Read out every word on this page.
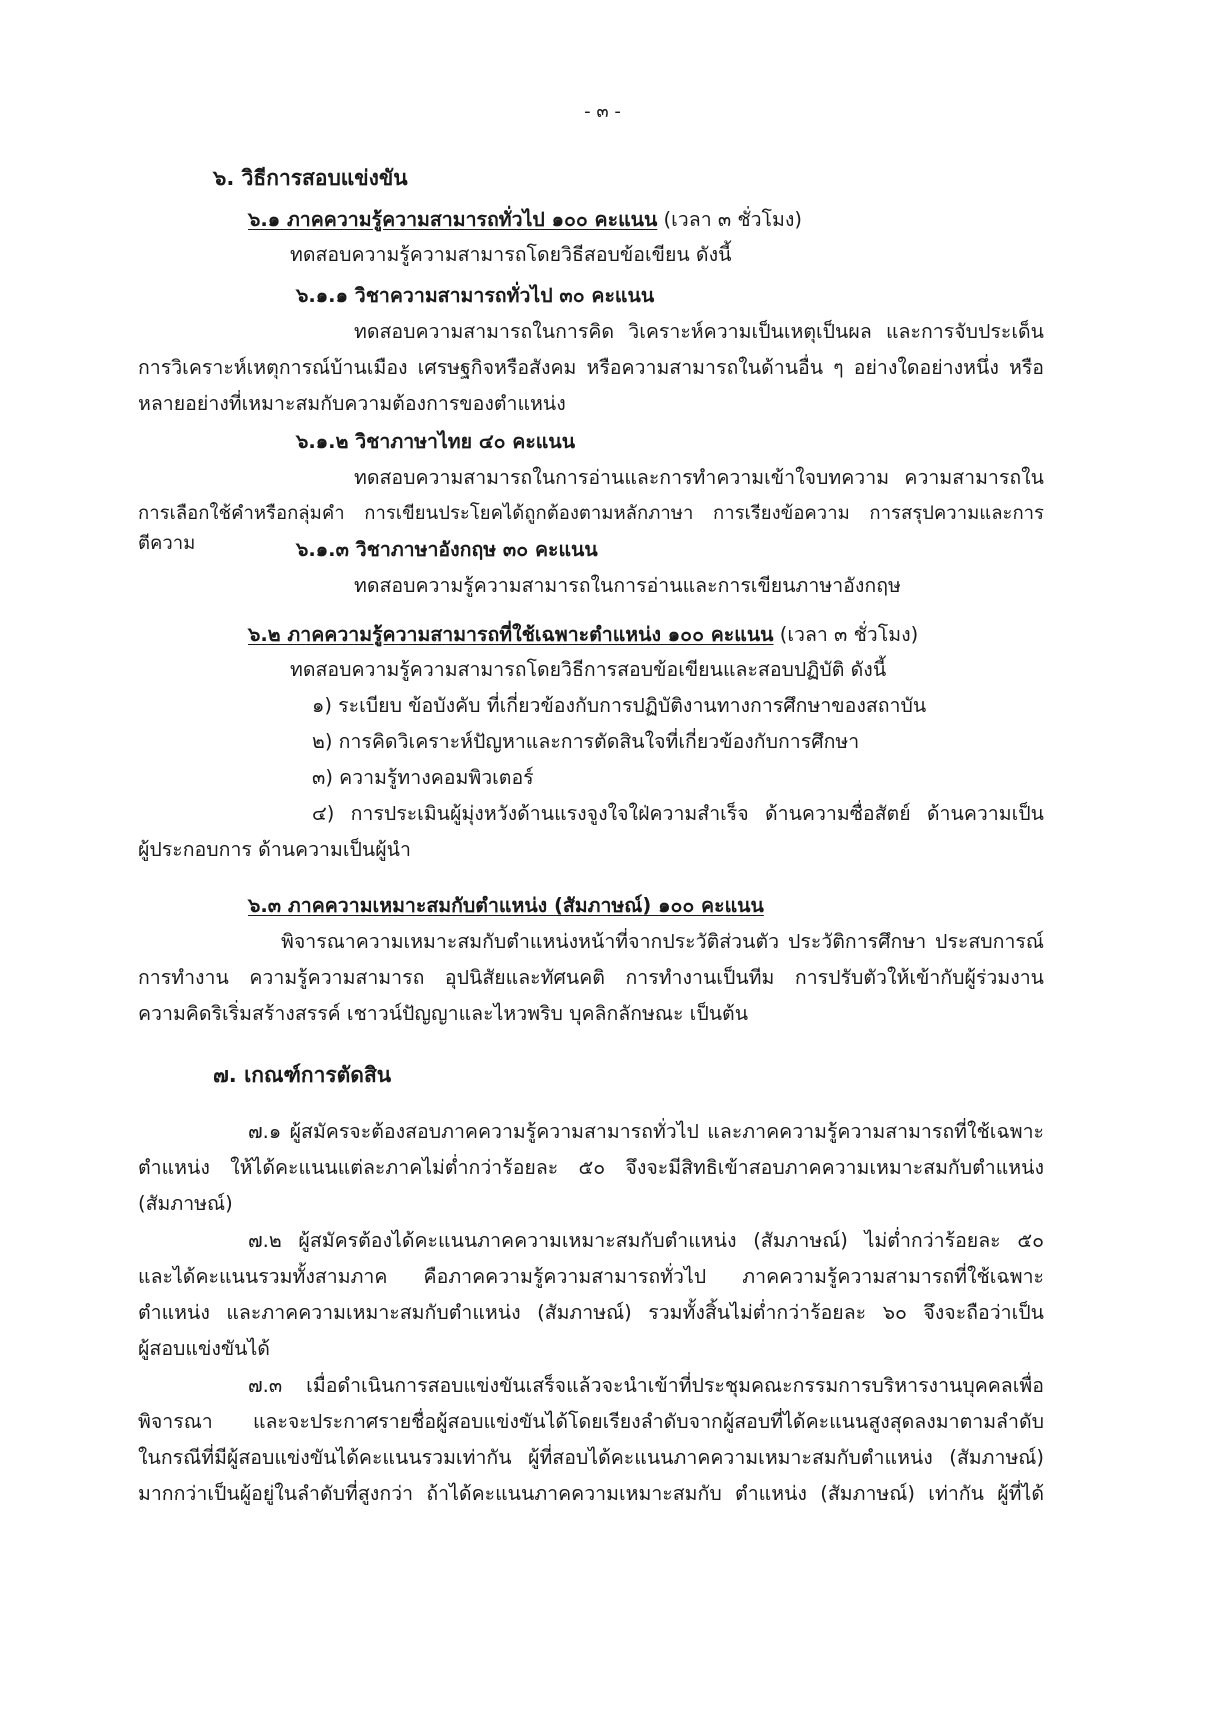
- ๓ -
๖. วิธีการสอบแข่งขัน
๖.๑ ภาคความรู้ความสามารถทั่วไป ๑๐๐ คะแนน (เวลา ๓ ชั่วโมง)
ทดสอบความรู้ความสามารถโดยวิธีสอบข้อเขียน ดังนี้
๖.๑.๑ วิชาความสามารถทั่วไป ๓๐ คะแนน
ทดสอบความสามารถในการคิด วิเคราะห์ความเป็นเหตุเป็นผล และการจับประเด็น
การวิเคราะห์เหตุการณ์บ้านเมือง เศรษฐกิจหรือสังคม หรือความสามารถในด้านอื่น ๆ อย่างใดอย่างหนึ่ง หรือ
หลายอย่างที่เหมาะสมกับความต้องการของตำแหน่ง
๖.๑.๒ วิชาภาษาไทย ๔๐ คะแนน
ทดสอบความสามารถในการอ่านและการทำความเข้าใจบทความ ความสามารถใน
การเลือกใช้คำหรือกลุ่มคำ การเขียนประโยคได้ถูกต้องตามหลักภาษา การเรียงข้อความ การสรุปความและการตีความ	๖.๑.๓ วิชาภาษาอังกฤษ ๓๐ คะแนน
ทดสอบความรู้ความสามารถในการอ่านและการเขียนภาษาอังกฤษ
๖.๒ ภาคความรู้ความสามารถที่ใช้เฉพาะตำแหน่ง ๑๐๐ คะแนน (เวลา ๓ ชั่วโมง)
ทดสอบความรู้ความสามารถโดยวิธีการสอบข้อเขียนและสอบปฏิบัติ ดังนี้
๑) ระเบียบ ข้อบังคับ ที่เกี่ยวข้องกับการปฏิบัติงานทางการศึกษาของสถาบัน
๒) การคิดวิเคราะห์ปัญหาและการตัดสินใจที่เกี่ยวข้องกับการศึกษา
๓) ความรู้ทางคอมพิวเตอร์
๔) การประเมินผู้มุ่งหวังด้านแรงจูงใจใฝ่ความสำเร็จ ด้านความซื่อสัตย์ ด้านความเป็น
ผู้ประกอบการ ด้านความเป็นผู้นำ
๖.๓ ภาคความเหมาะสมกับตำแหน่ง (สัมภาษณ์) ๑๐๐ คะแนน
พิจารณาความเหมาะสมกับตำแหน่งหน้าที่จากประวัติส่วนตัว ประวัติการศึกษา ประสบการณ์
การทำงาน ความรู้ความสามารถ อุปนิสัยและทัศนคติ การทำงานเป็นทีม การปรับตัวให้เข้ากับผู้ร่วมงาน
ความคิดริเริ่มสร้างสรรค์ เชาวน์ปัญญาและไหวพริบ บุคลิกลักษณะ เป็นต้น
๗. เกณฑ์การตัดสิน
๗.๑ ผู้สมัครจะต้องสอบภาคความรู้ความสามารถทั่วไป และภาคความรู้ความสามารถที่ใช้เฉพาะ
ตำแหน่ง ให้ได้คะแนนแต่ละภาคไม่ต่ำกว่าร้อยละ ๕๐ จึงจะมีสิทธิเข้าสอบภาคความเหมาะสมกับตำแหน่ง
(สัมภาษณ์)
๗.๒ ผู้สมัครต้องได้คะแนนภาคความเหมาะสมกับตำแหน่ง (สัมภาษณ์) ไม่ต่ำกว่าร้อยละ ๕๐
และได้คะแนนรวมทั้งสามภาค คือภาคความรู้ความสามารถทั่วไป ภาคความรู้ความสามารถที่ใช้เฉพาะ
ตำแหน่ง และภาคความเหมาะสมกับตำแหน่ง (สัมภาษณ์) รวมทั้งสิ้นไม่ต่ำกว่าร้อยละ ๖๐ จึงจะถือว่าเป็น
ผู้สอบแข่งขันได้
๗.๓ เมื่อดำเนินการสอบแข่งขันเสร็จแล้วจะนำเข้าที่ประชุมคณะกรรมการบริหารงานบุคคลเพื่อ
พิจารณา และจะประกาศรายชื่อผู้สอบแข่งขันได้โดยเรียงลำดับจากผู้สอบที่ได้คะแนนสูงสุดลงมาตามลำดับ
ในกรณีที่มีผู้สอบแข่งขันได้คะแนนรวมเท่ากัน ผู้ที่สอบได้คะแนนภาคความเหมาะสมกับตำแหน่ง (สัมภาษณ์)
มากกว่าเป็นผู้อยู่ในลำดับที่สูงกว่า ถ้าได้คะแนนภาคความเหมาะสมกับ ตำแหน่ง (สัมภาษณ์) เท่ากัน ผู้ที่ได้
